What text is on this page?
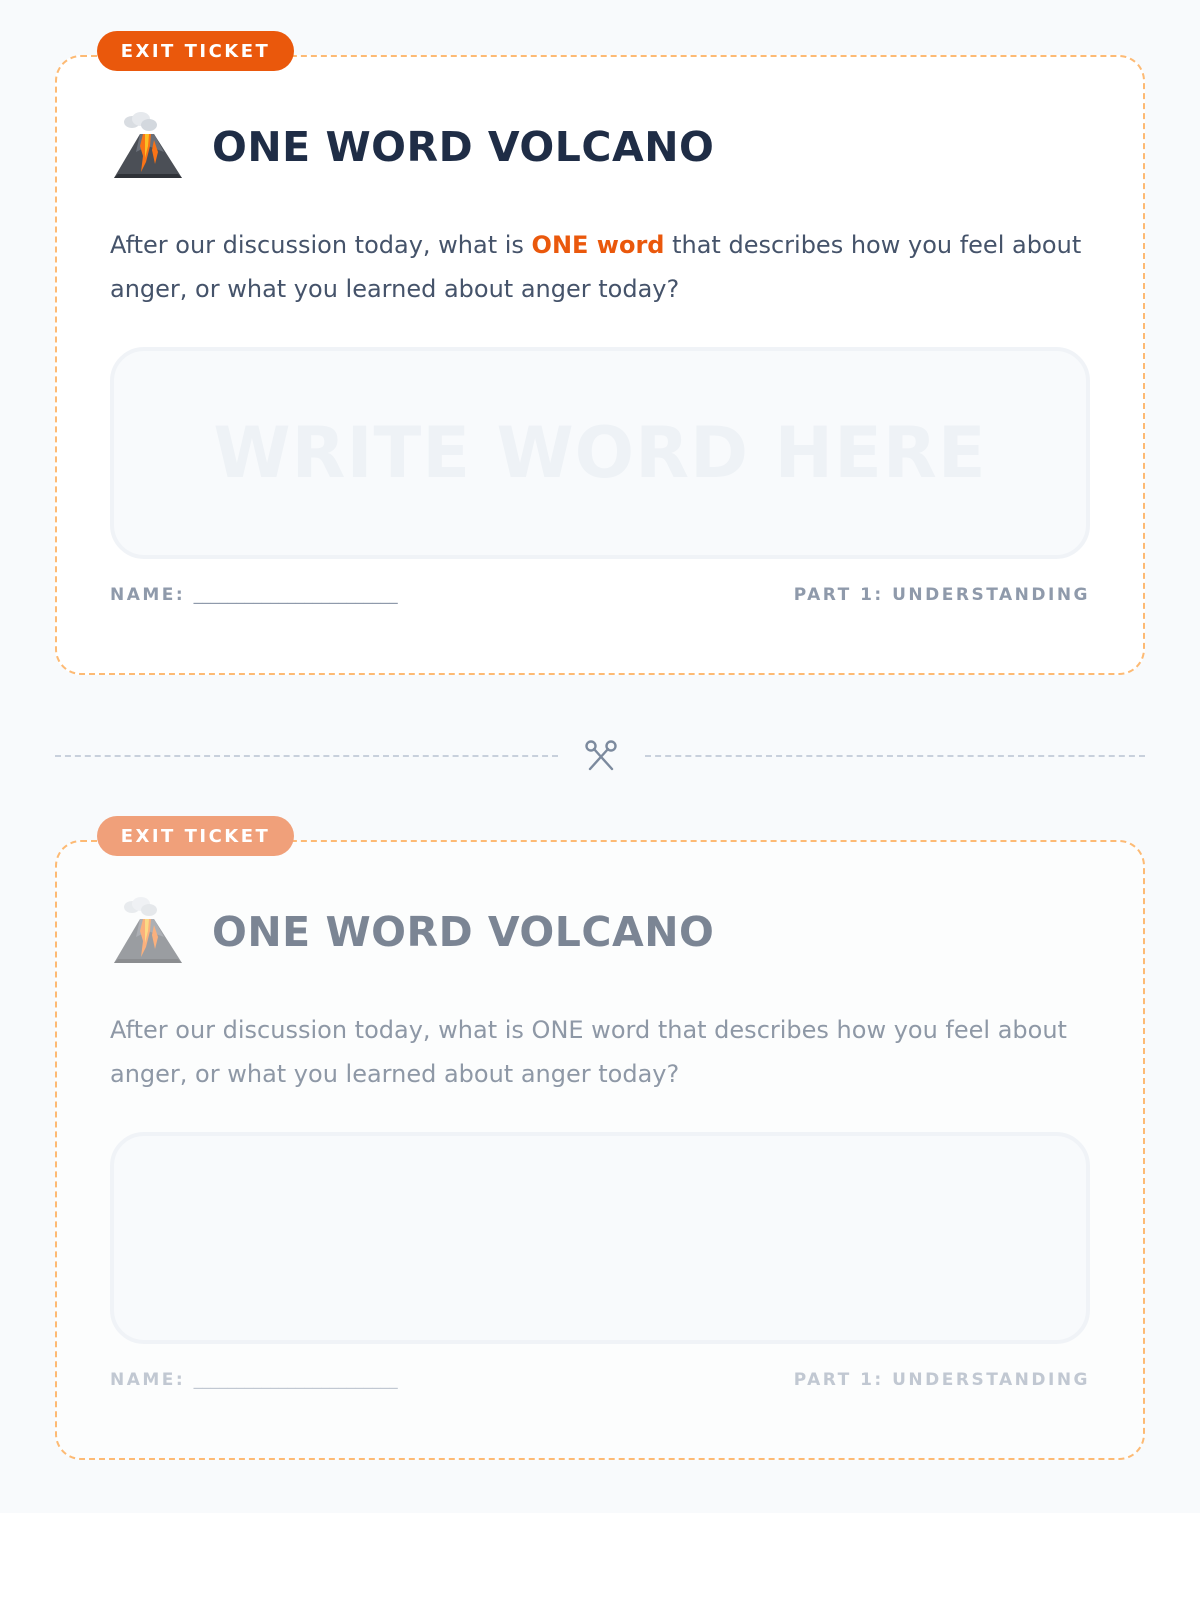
EXIT TICKET
ONE WORD VOLCANO
After our discussion today, what is ONE word that describes how you feel about anger, or what you learned about anger today?
WRITE WORD HERE
NAME: ________________________	PART 1: UNDERSTANDING
EXIT TICKET
ONE WORD VOLCANO
After our discussion today, what is ONE word that describes how you feel about anger, or what you learned about anger today?
NAME: ________________________	PART 1: UNDERSTANDING
